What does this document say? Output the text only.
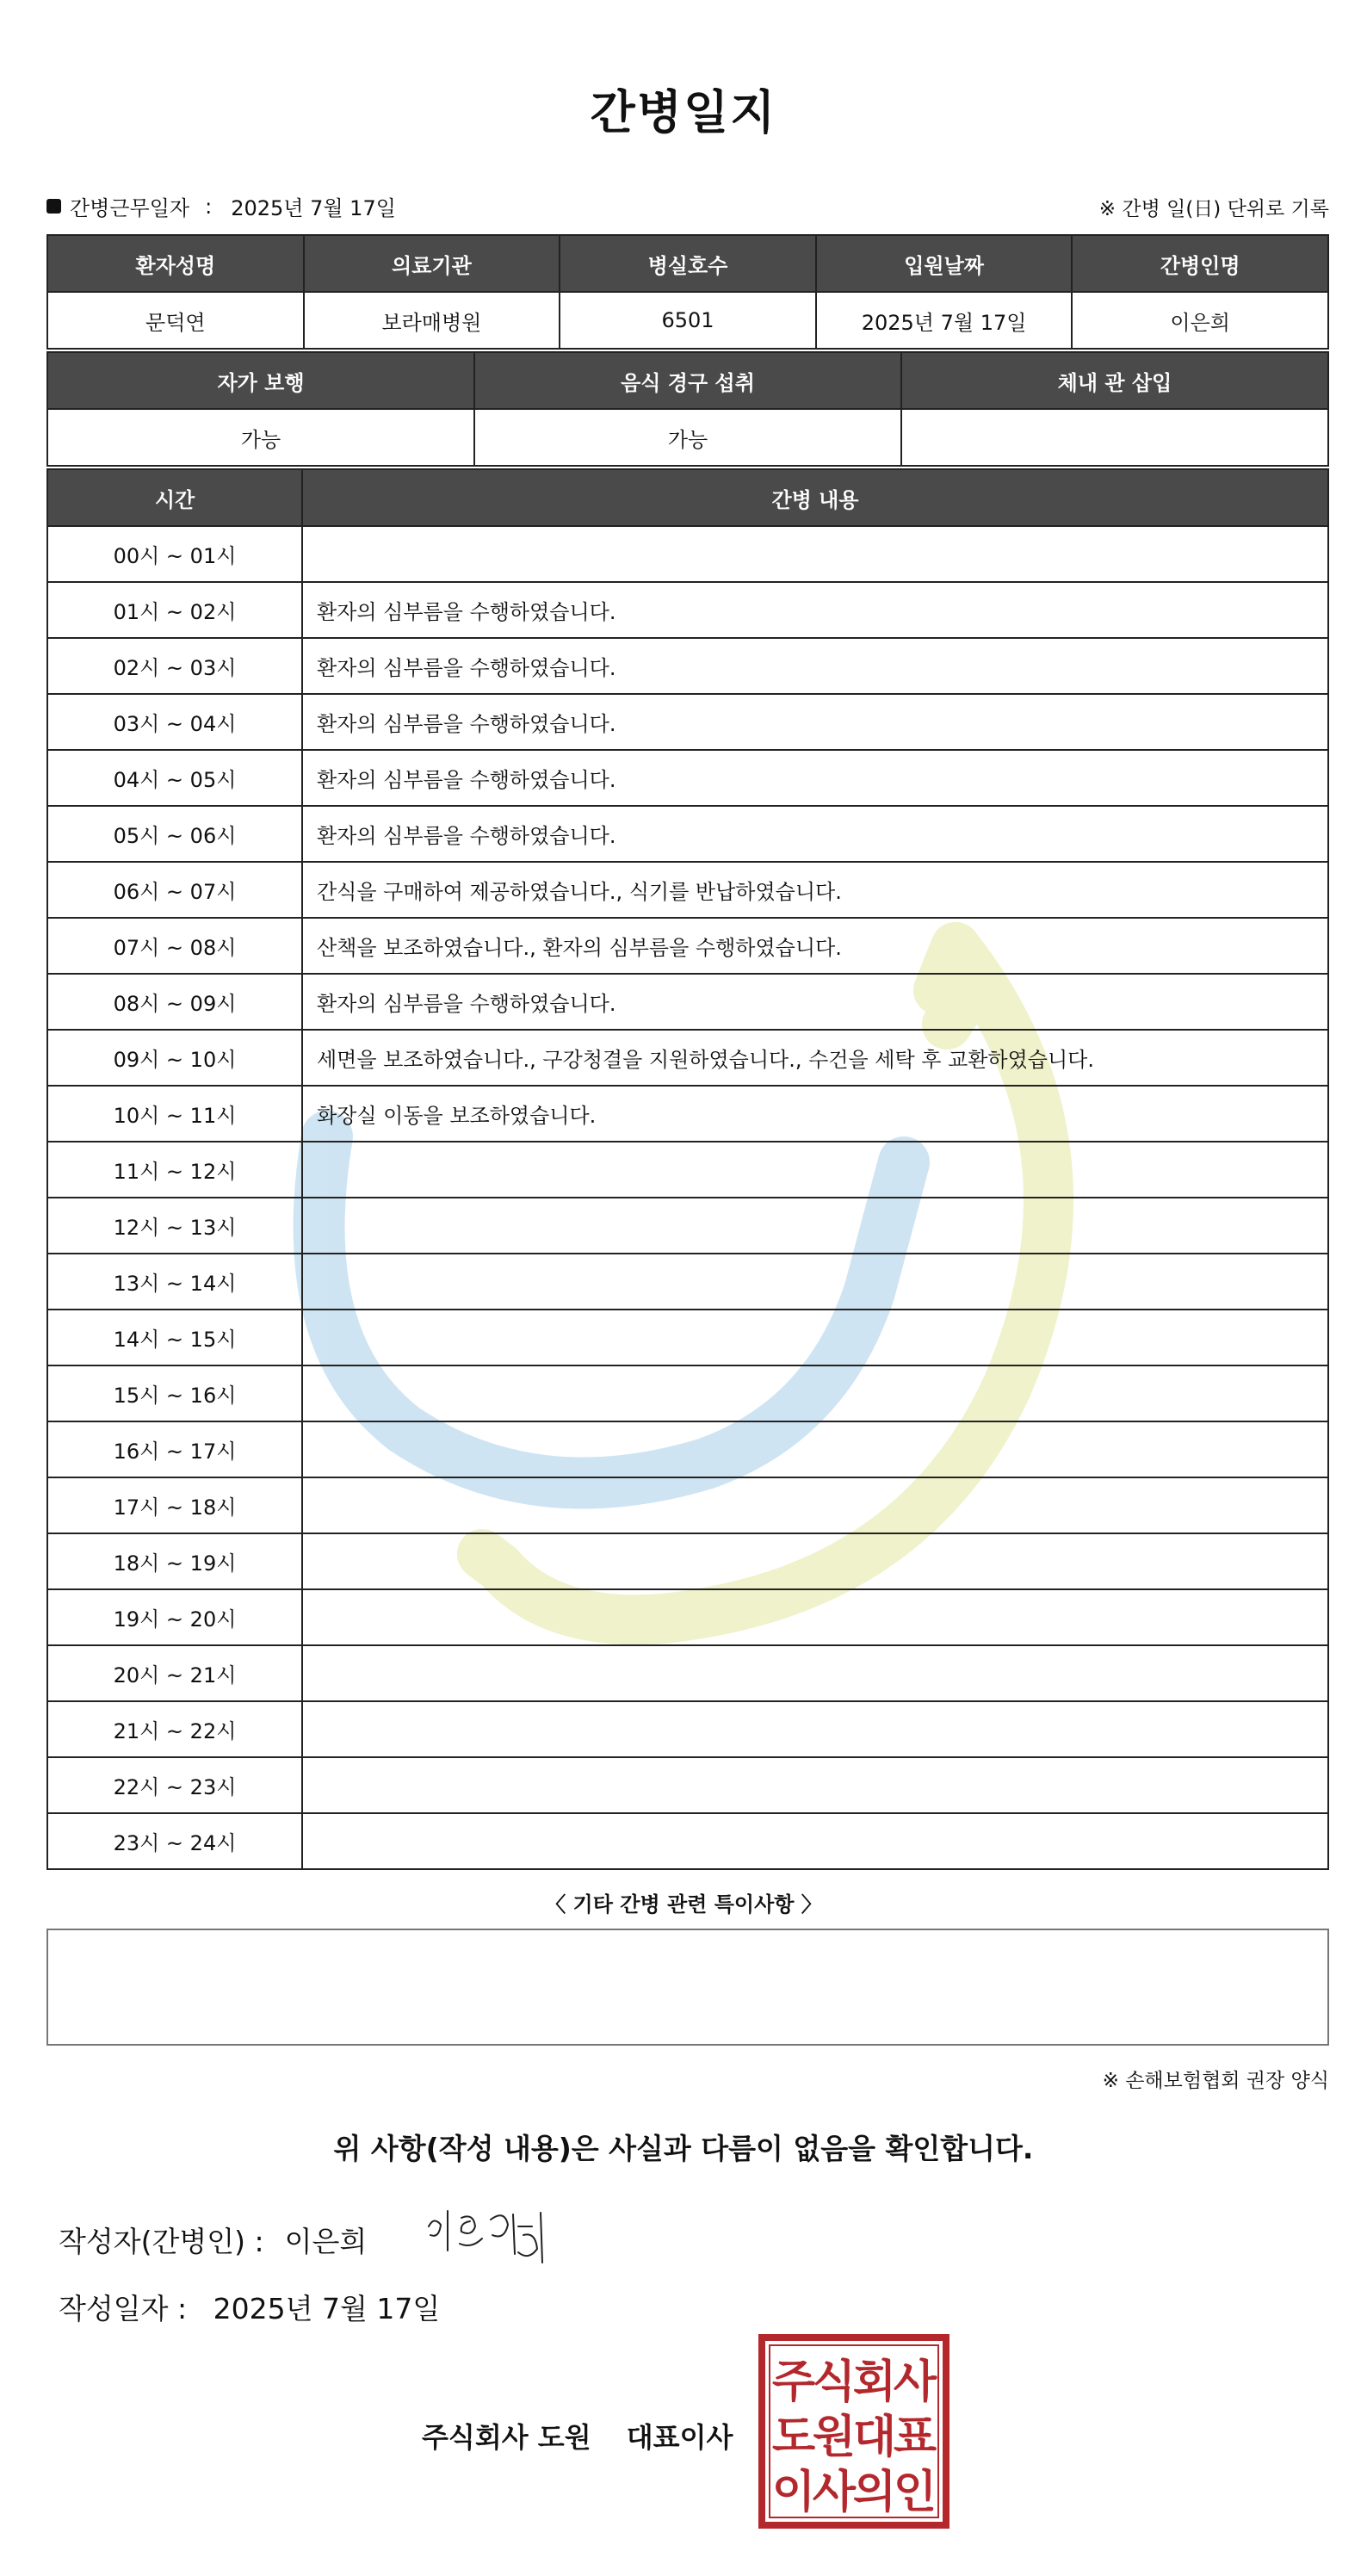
간병일지
간병근무일자 : 2025년 7월 17일	※ 간병 일(日) 단위로 기록
환자성명	의료기관	병실호수	입원날짜	간병인명
문덕연	보라매병원	6501	2025년 7월 17일	이은희
자가 보행	음식 경구 섭취	체내 관 삽입
가능	가능	
시간	간병 내용
00시 ~ 01시	
01시 ~ 02시	환자의 심부름을 수행하였습니다.
02시 ~ 03시	환자의 심부름을 수행하였습니다.
03시 ~ 04시	환자의 심부름을 수행하였습니다.
04시 ~ 05시	환자의 심부름을 수행하였습니다.
05시 ~ 06시	환자의 심부름을 수행하였습니다.
06시 ~ 07시	간식을 구매하여 제공하였습니다., 식기를 반납하였습니다.
07시 ~ 08시	산책을 보조하였습니다., 환자의 심부름을 수행하였습니다.
08시 ~ 09시	환자의 심부름을 수행하였습니다.
09시 ~ 10시	세면을 보조하였습니다., 구강청결을 지원하였습니다., 수건을 세탁 후 교환하였습니다.
10시 ~ 11시	화장실 이동을 보조하였습니다.
11시 ~ 12시	
12시 ~ 13시	
13시 ~ 14시	
14시 ~ 15시	
15시 ~ 16시	
16시 ~ 17시	
17시 ~ 18시	
18시 ~ 19시	
19시 ~ 20시	
20시 ~ 21시	
21시 ~ 22시	
22시 ~ 23시	
23시 ~ 24시	
〈 기타 간병 관련 특이사항 〉
※ 손해보험협회 권장 양식
위 사항(작성 내용)은 사실과 다름이 없음을 확인합니다.
작성자(간병인) : 이은희
작성일자 : 2025년 7월 17일
주식회사 도원 대표이사
주
식
회
사
도
원
대
표
이
사
의
인
